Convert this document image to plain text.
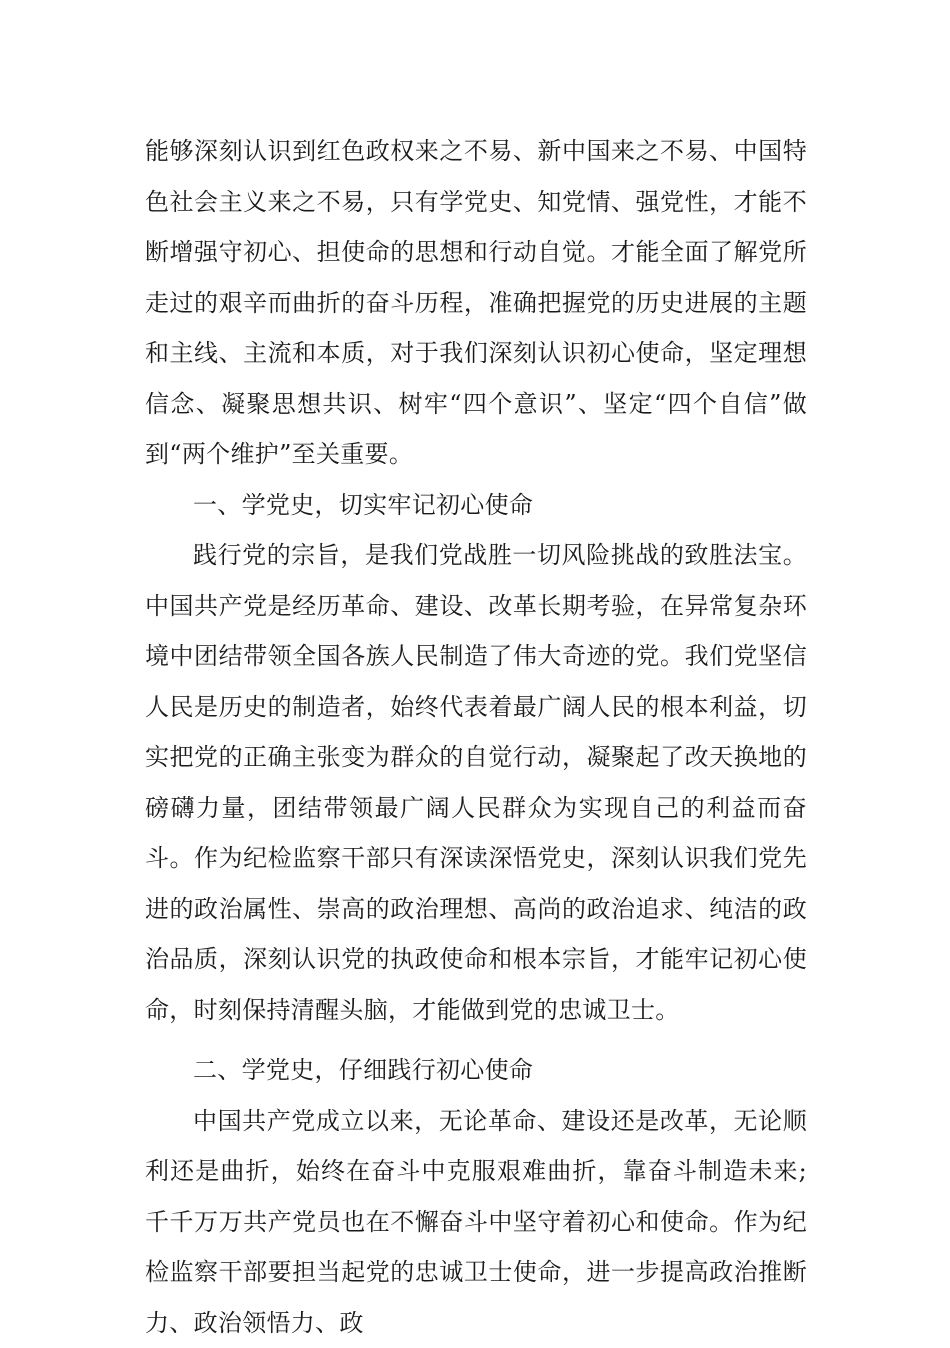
能够深刻认识到红色政权来之不易、新中国来之不易、中国特色社会主义来之不易，只有学党史、知党情、强党性，才能不断增强守初心、担使命的思想和行动自觉。才能全面了解党所走过的艰辛而曲折的奋斗历程，准确把握党的历史进展的主题和主线、主流和本质，对于我们深刻认识初心使命，坚定理想信念、凝聚思想共识、树牢“四个意识”、坚定“四个自信”做到“两个维护”至关重要。

一、学党史，切实牢记初心使命

践行党的宗旨，是我们党战胜一切风险挑战的致胜法宝。中国共产党是经历革命、建设、改革长期考验，在异常复杂环境中团结带领全国各族人民制造了伟大奇迹的党。我们党坚信人民是历史的制造者，始终代表着最广阔人民的根本利益，切实把党的正确主张变为群众的自觉行动，凝聚起了改天换地的磅礴力量，团结带领最广阔人民群众为实现自己的利益而奋斗。作为纪检监察干部只有深读深悟党史，深刻认识我们党先进的政治属性、崇高的政治理想、高尚的政治追求、纯洁的政治品质，深刻认识党的执政使命和根本宗旨，才能牢记初心使命，时刻保持清醒头脑，才能做到党的忠诚卫士。

二、学党史，仔细践行初心使命

中国共产党成立以来，无论革命、建设还是改革，无论顺利还是曲折，始终在奋斗中克服艰难曲折，靠奋斗制造未来;千千万万共产党员也在不懈奋斗中坚守着初心和使命。作为纪检监察干部要担当起党的忠诚卫士使命，进一步提高政治推断力、政治领悟力、政
